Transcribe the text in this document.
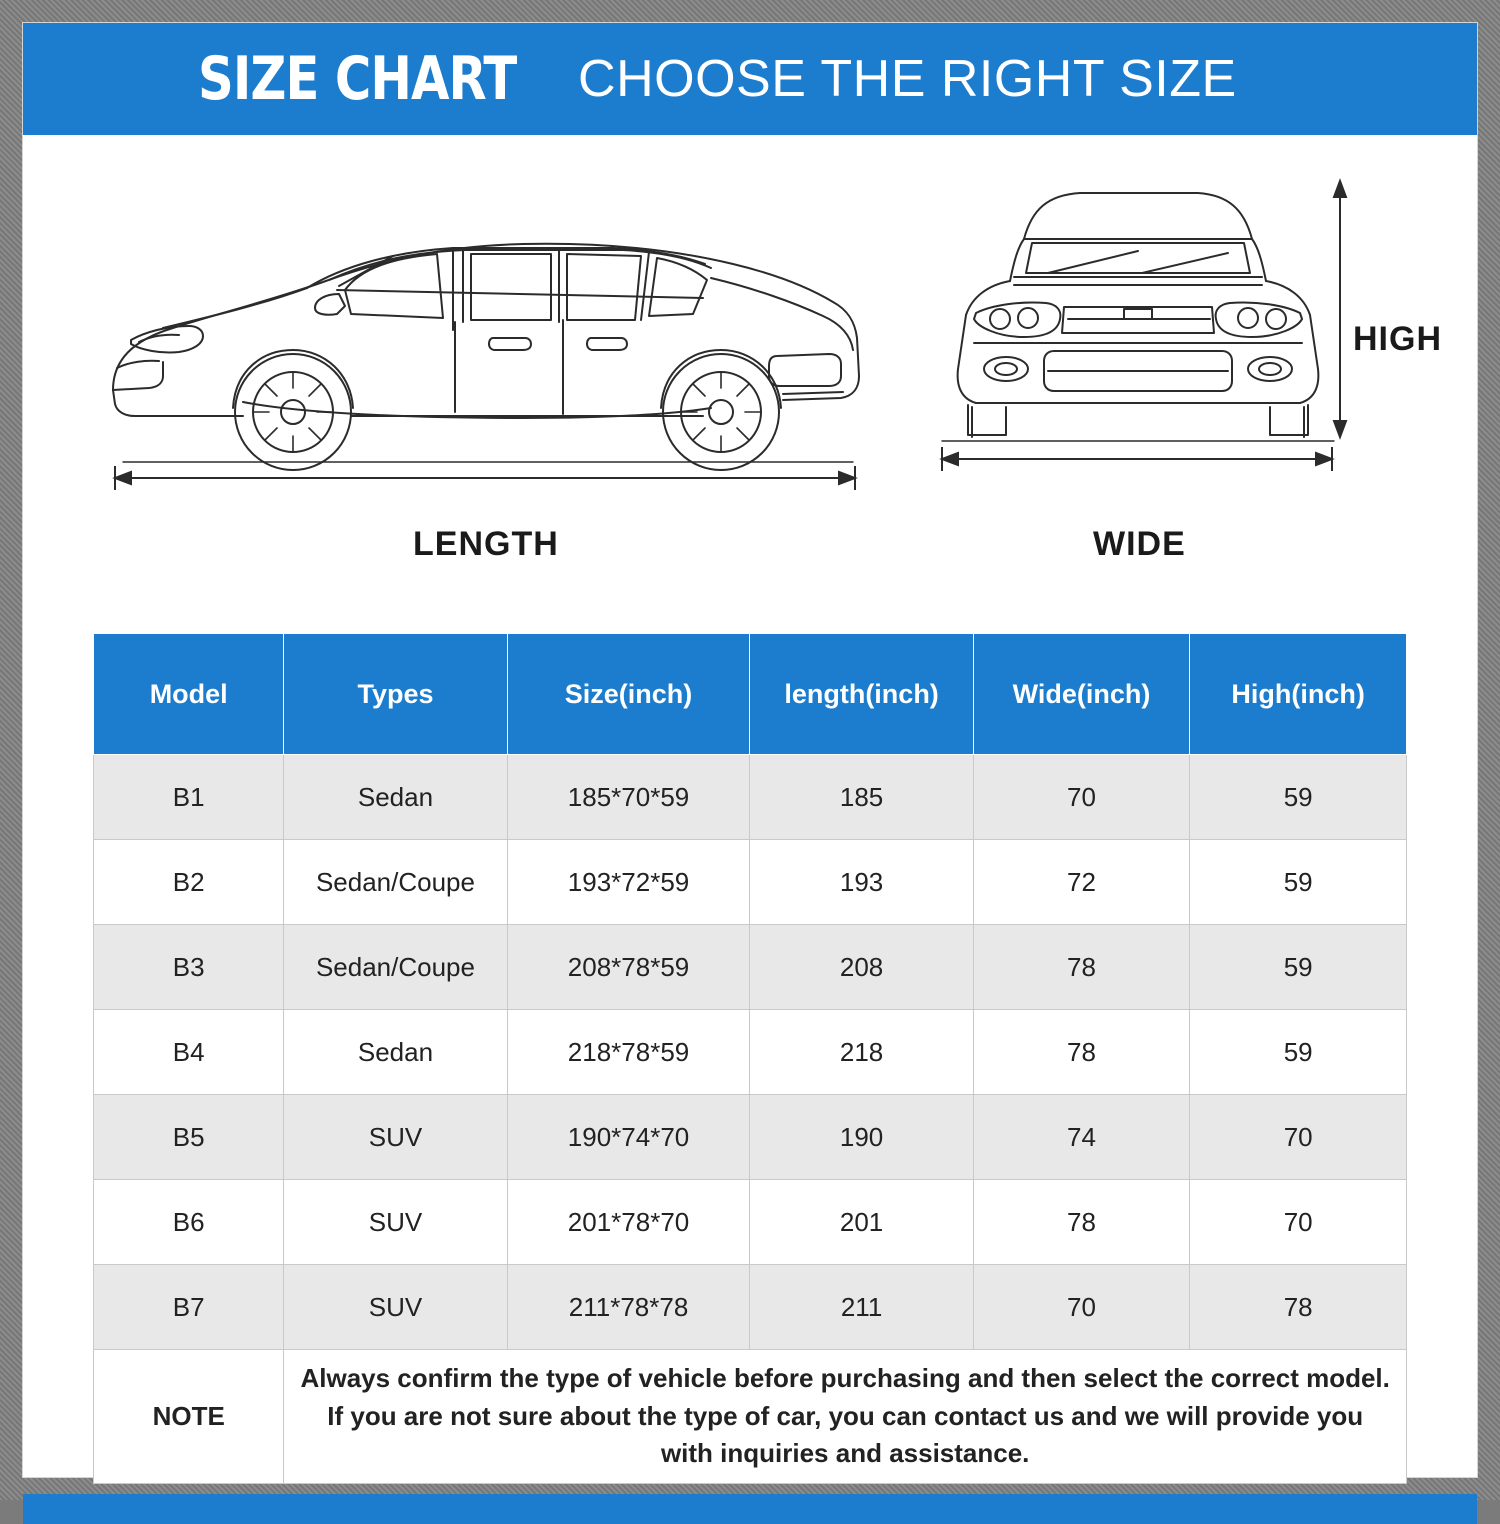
SIZE CHART CHOOSE THE RIGHT SIZE
LENGTH	WIDE
HIGH
Model	Types	Size(inch)	length(inch)	Wide(inch)	High(inch)
B1	Sedan	185*70*59	185	70	59
B2	Sedan/Coupe	193*72*59	193	72	59
B3	Sedan/Coupe	208*78*59	208	78	59
B4	Sedan	218*78*59	218	78	59
B5	SUV	190*74*70	190	74	70
B6	SUV	201*78*70	201	78	70
B7	SUV	211*78*78	211	70	78
NOTE	Always confirm the type of vehicle before purchasing and then select the correct model. If you are not sure about the type of car, you can contact us and we will provide you with inquiries and assistance.				
